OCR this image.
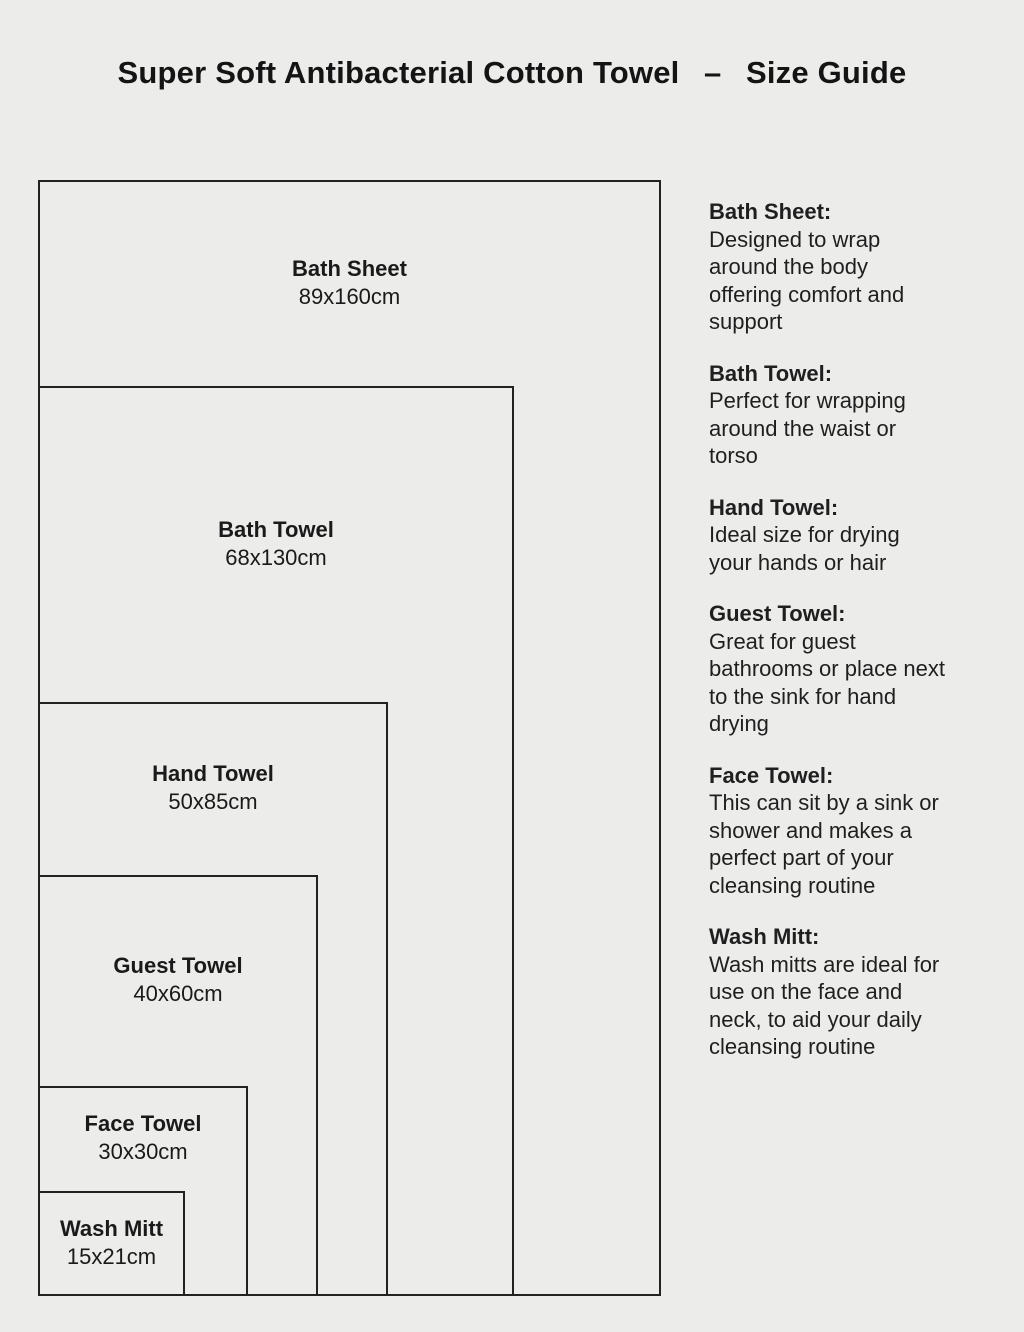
Super Soft Antibacterial Cotton Towel  –  Size Guide
Bath Sheet
89x160cm
Bath Towel
68x130cm
Hand Towel
50x85cm
Guest Towel
40x60cm
Face Towel
30x30cm
Wash Mitt
15x21cm
Bath Sheet:
Designed to wrap around the body offering comfort and support
Bath Towel:
Perfect for wrapping around the waist or torso
Hand Towel:
Ideal size for drying your hands or hair
Guest Towel:
Great for guest bathrooms or place next to the sink for hand drying
Face Towel:
This can sit by a sink or shower and makes a perfect part of your cleansing routine
Wash Mitt:
Wash mitts are ideal for use on the face and neck, to aid your daily cleansing routine
